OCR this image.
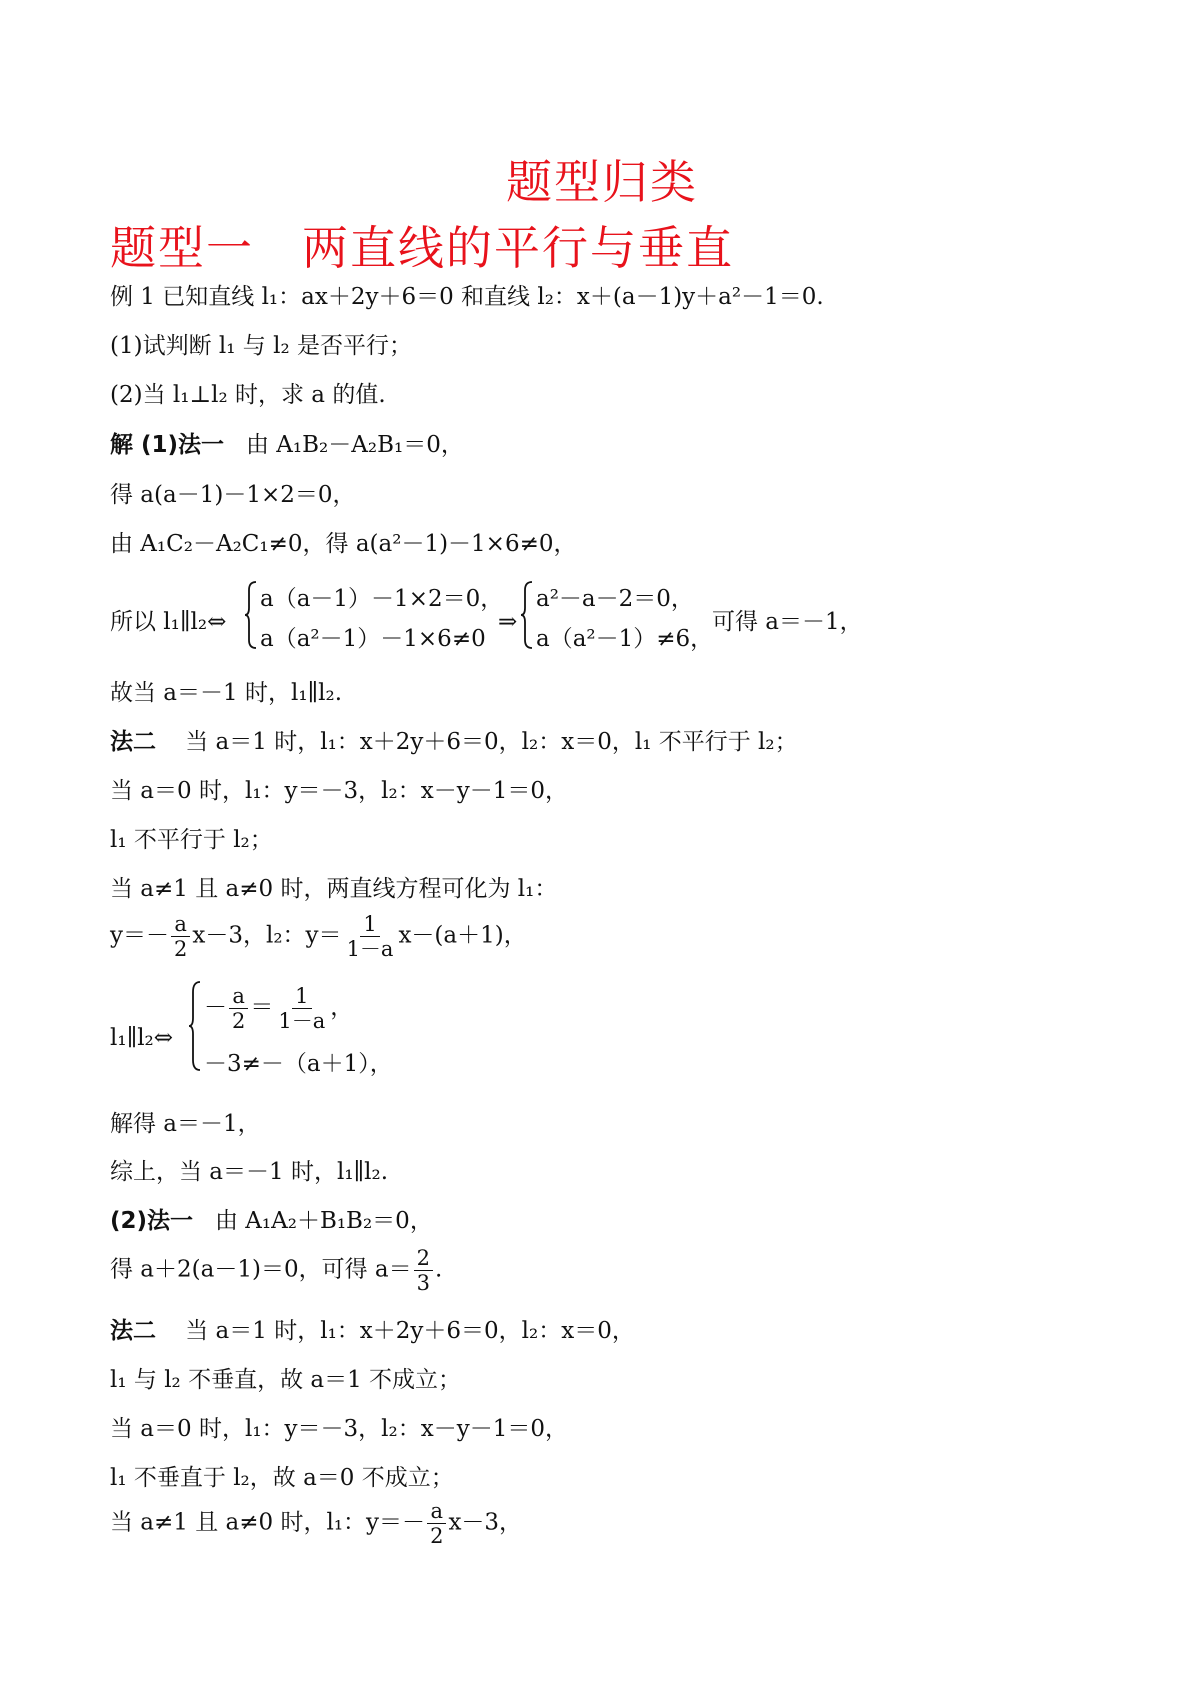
题型归类
题型一 两直线的平行与垂直
例 1 已知直线 l₁：ax＋2y＋6＝0 和直线 l₂：x＋(a－1)y＋a²－1＝0.
(1)试判断 l₁ 与 l₂ 是否平行；
(2)当 l₁⊥l₂ 时，求 a 的值.
解 (1)法一 由 A₁B₂－A₂B₁＝0，
得 a(a－1)－1×2＝0，
由 A₁C₂－A₂C₁≠0，得 a(a²－1)－1×6≠0，
所以 l₁∥l₂⇔
a（a－1）－1×2＝0，
a（a²－1）－1×6≠0
⇒
a²－a－2＝0，
a（a²－1）≠6，
可得 a＝－1，
故当 a＝－1 时，l₁∥l₂.
法二 当 a＝1 时，l₁：x＋2y＋6＝0，l₂：x＝0，l₁ 不平行于 l₂；
当 a＝0 时，l₁：y＝－3，l₂：x－y－1＝0，
l₁ 不平行于 l₂；
当 a≠1 且 a≠0 时，两直线方程可化为 l₁：
$y=- \frac{a}{2} x-3$，l₂：$y= \frac{1}{1-a} x-(a+1)$，
l₁∥l₂⇔
－ $\frac{a}{2} = \frac{1}{1-a}$ ，
－3≠－（a＋1），
解得 a＝－1，
综上，当 a＝－1 时，l₁∥l₂.
(2)法一 由 A₁A₂＋B₁B₂＝0，
得 a＋2(a－1)＝0，可得 $a= \frac{2}{3}$ .
法二 当 a＝1 时，l₁：x＋2y＋6＝0，l₂：x＝0，
l₁ 与 l₂ 不垂直，故 a＝1 不成立；
当 a＝0 时，l₁：y＝－3，l₂：x－y－1＝0，
l₁ 不垂直于 l₂，故 a＝0 不成立；
当 a≠1 且 a≠0 时，l₁：$y=- \frac{a}{2} x-3$，
